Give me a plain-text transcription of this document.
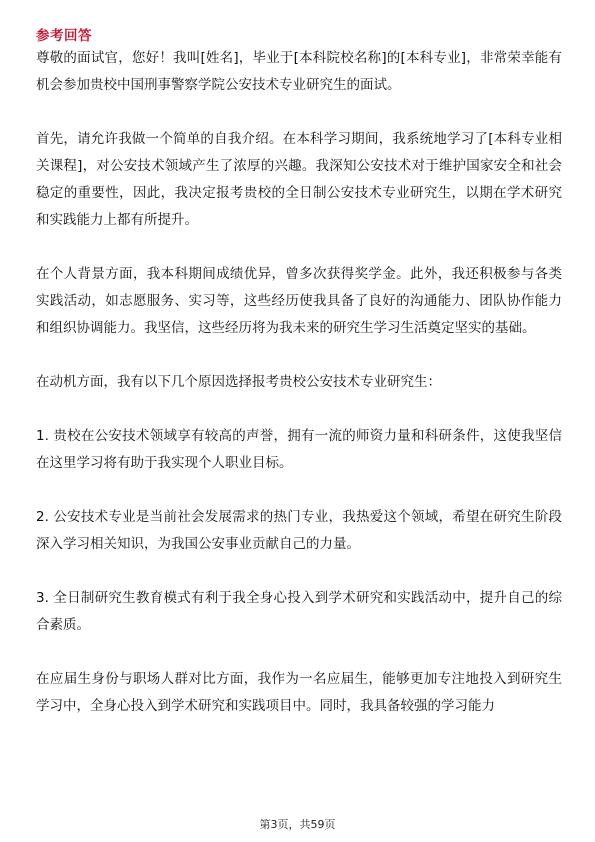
参考回答

尊敬的面试官，您好！我叫[姓名]，毕业于[本科院校名称]的[本科专业]，非常荣幸能有机会参加贵校中国刑事警察学院公安技术专业研究生的面试。

首先，请允许我做一个简单的自我介绍。在本科学习期间，我系统地学习了[本科专业相关课程]，对公安技术领域产生了浓厚的兴趣。我深知公安技术对于维护国家安全和社会稳定的重要性，因此，我决定报考贵校的全日制公安技术专业研究生，以期在学术研究和实践能力上都有所提升。

在个人背景方面，我本科期间成绩优异，曾多次获得奖学金。此外，我还积极参与各类实践活动，如志愿服务、实习等，这些经历使我具备了良好的沟通能力、团队协作能力和组织协调能力。我坚信，这些经历将为我未来的研究生学习生活奠定坚实的基础。

在动机方面，我有以下几个原因选择报考贵校公安技术专业研究生：

1. 贵校在公安技术领域享有较高的声誉，拥有一流的师资力量和科研条件，这使我坚信在这里学习将有助于我实现个人职业目标。

2. 公安技术专业是当前社会发展需求的热门专业，我热爱这个领域，希望在研究生阶段深入学习相关知识，为我国公安事业贡献自己的力量。

3. 全日制研究生教育模式有利于我全身心投入到学术研究和实践活动中，提升自己的综合素质。

在应届生身份与职场人群对比方面，我作为一名应届生，能够更加专注地投入到研究生学习中，全身心投入到学术研究和实践项目中。同时，我具备较强的学习能力

第3页，共59页
